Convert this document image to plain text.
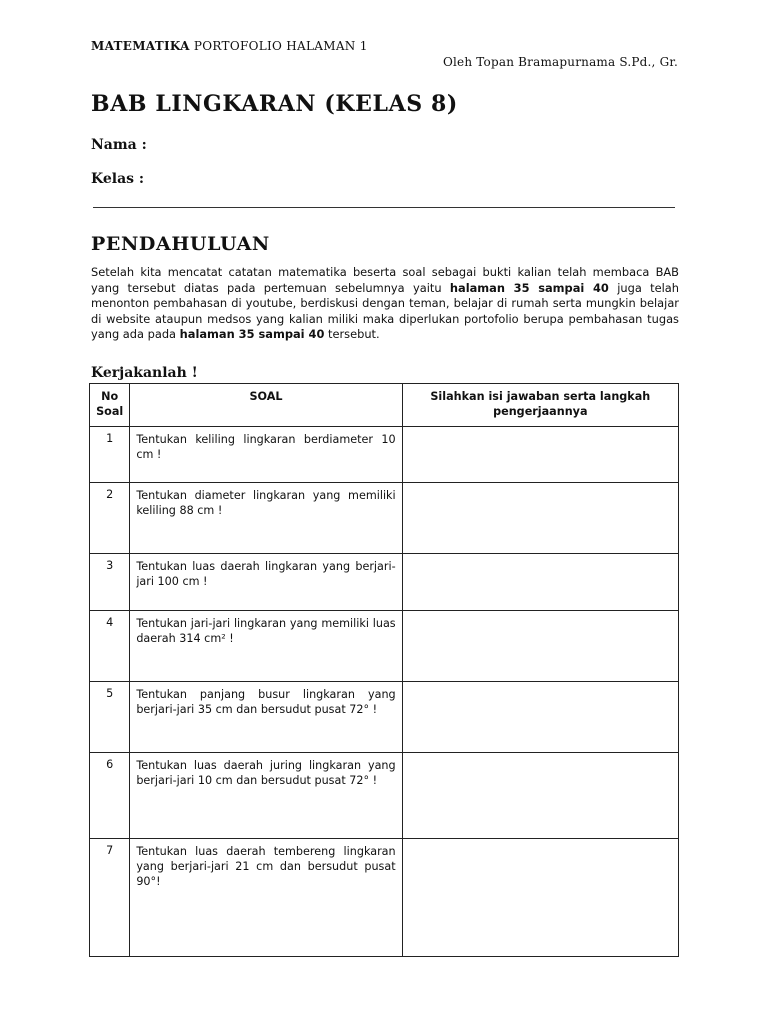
MATEMATIKA PORTOFOLIO HALAMAN 1
Oleh Topan Bramapurnama S.Pd., Gr.
BAB LINGKARAN (KELAS 8)
Nama :
Kelas :
PENDAHULUAN
Setelah kita mencatat catatan matematika beserta soal sebagai bukti kalian telah membaca BAB yang tersebut diatas pada pertemuan sebelumnya yaitu halaman 35 sampai 40 juga telah menonton pembahasan di youtube, berdiskusi dengan teman, belajar di rumah serta mungkin belajar di website ataupun medsos yang kalian miliki maka diperlukan portofolio berupa pembahasan tugas yang ada pada halaman 35 sampai 40 tersebut.
Kerjakanlah !
No Soal	SOAL	Silahkan isi jawaban serta langkah pengerjaannya
1	Tentukan keliling lingkaran berdiameter 10 cm !	
2	Tentukan diameter lingkaran yang memiliki keliling 88 cm !	
3	Tentukan luas daerah lingkaran yang berjari-jari 100 cm !	
4	Tentukan jari-jari lingkaran yang memiliki luas daerah 314 cm² !	
5	Tentukan panjang busur lingkaran yang berjari-jari 35 cm dan bersudut pusat 72° !	
6	Tentukan luas daerah juring lingkaran yang berjari-jari 10 cm dan bersudut pusat 72° !	
7	Tentukan luas daerah tembereng lingkaran yang berjari-jari 21 cm dan bersudut pusat 90°!	
